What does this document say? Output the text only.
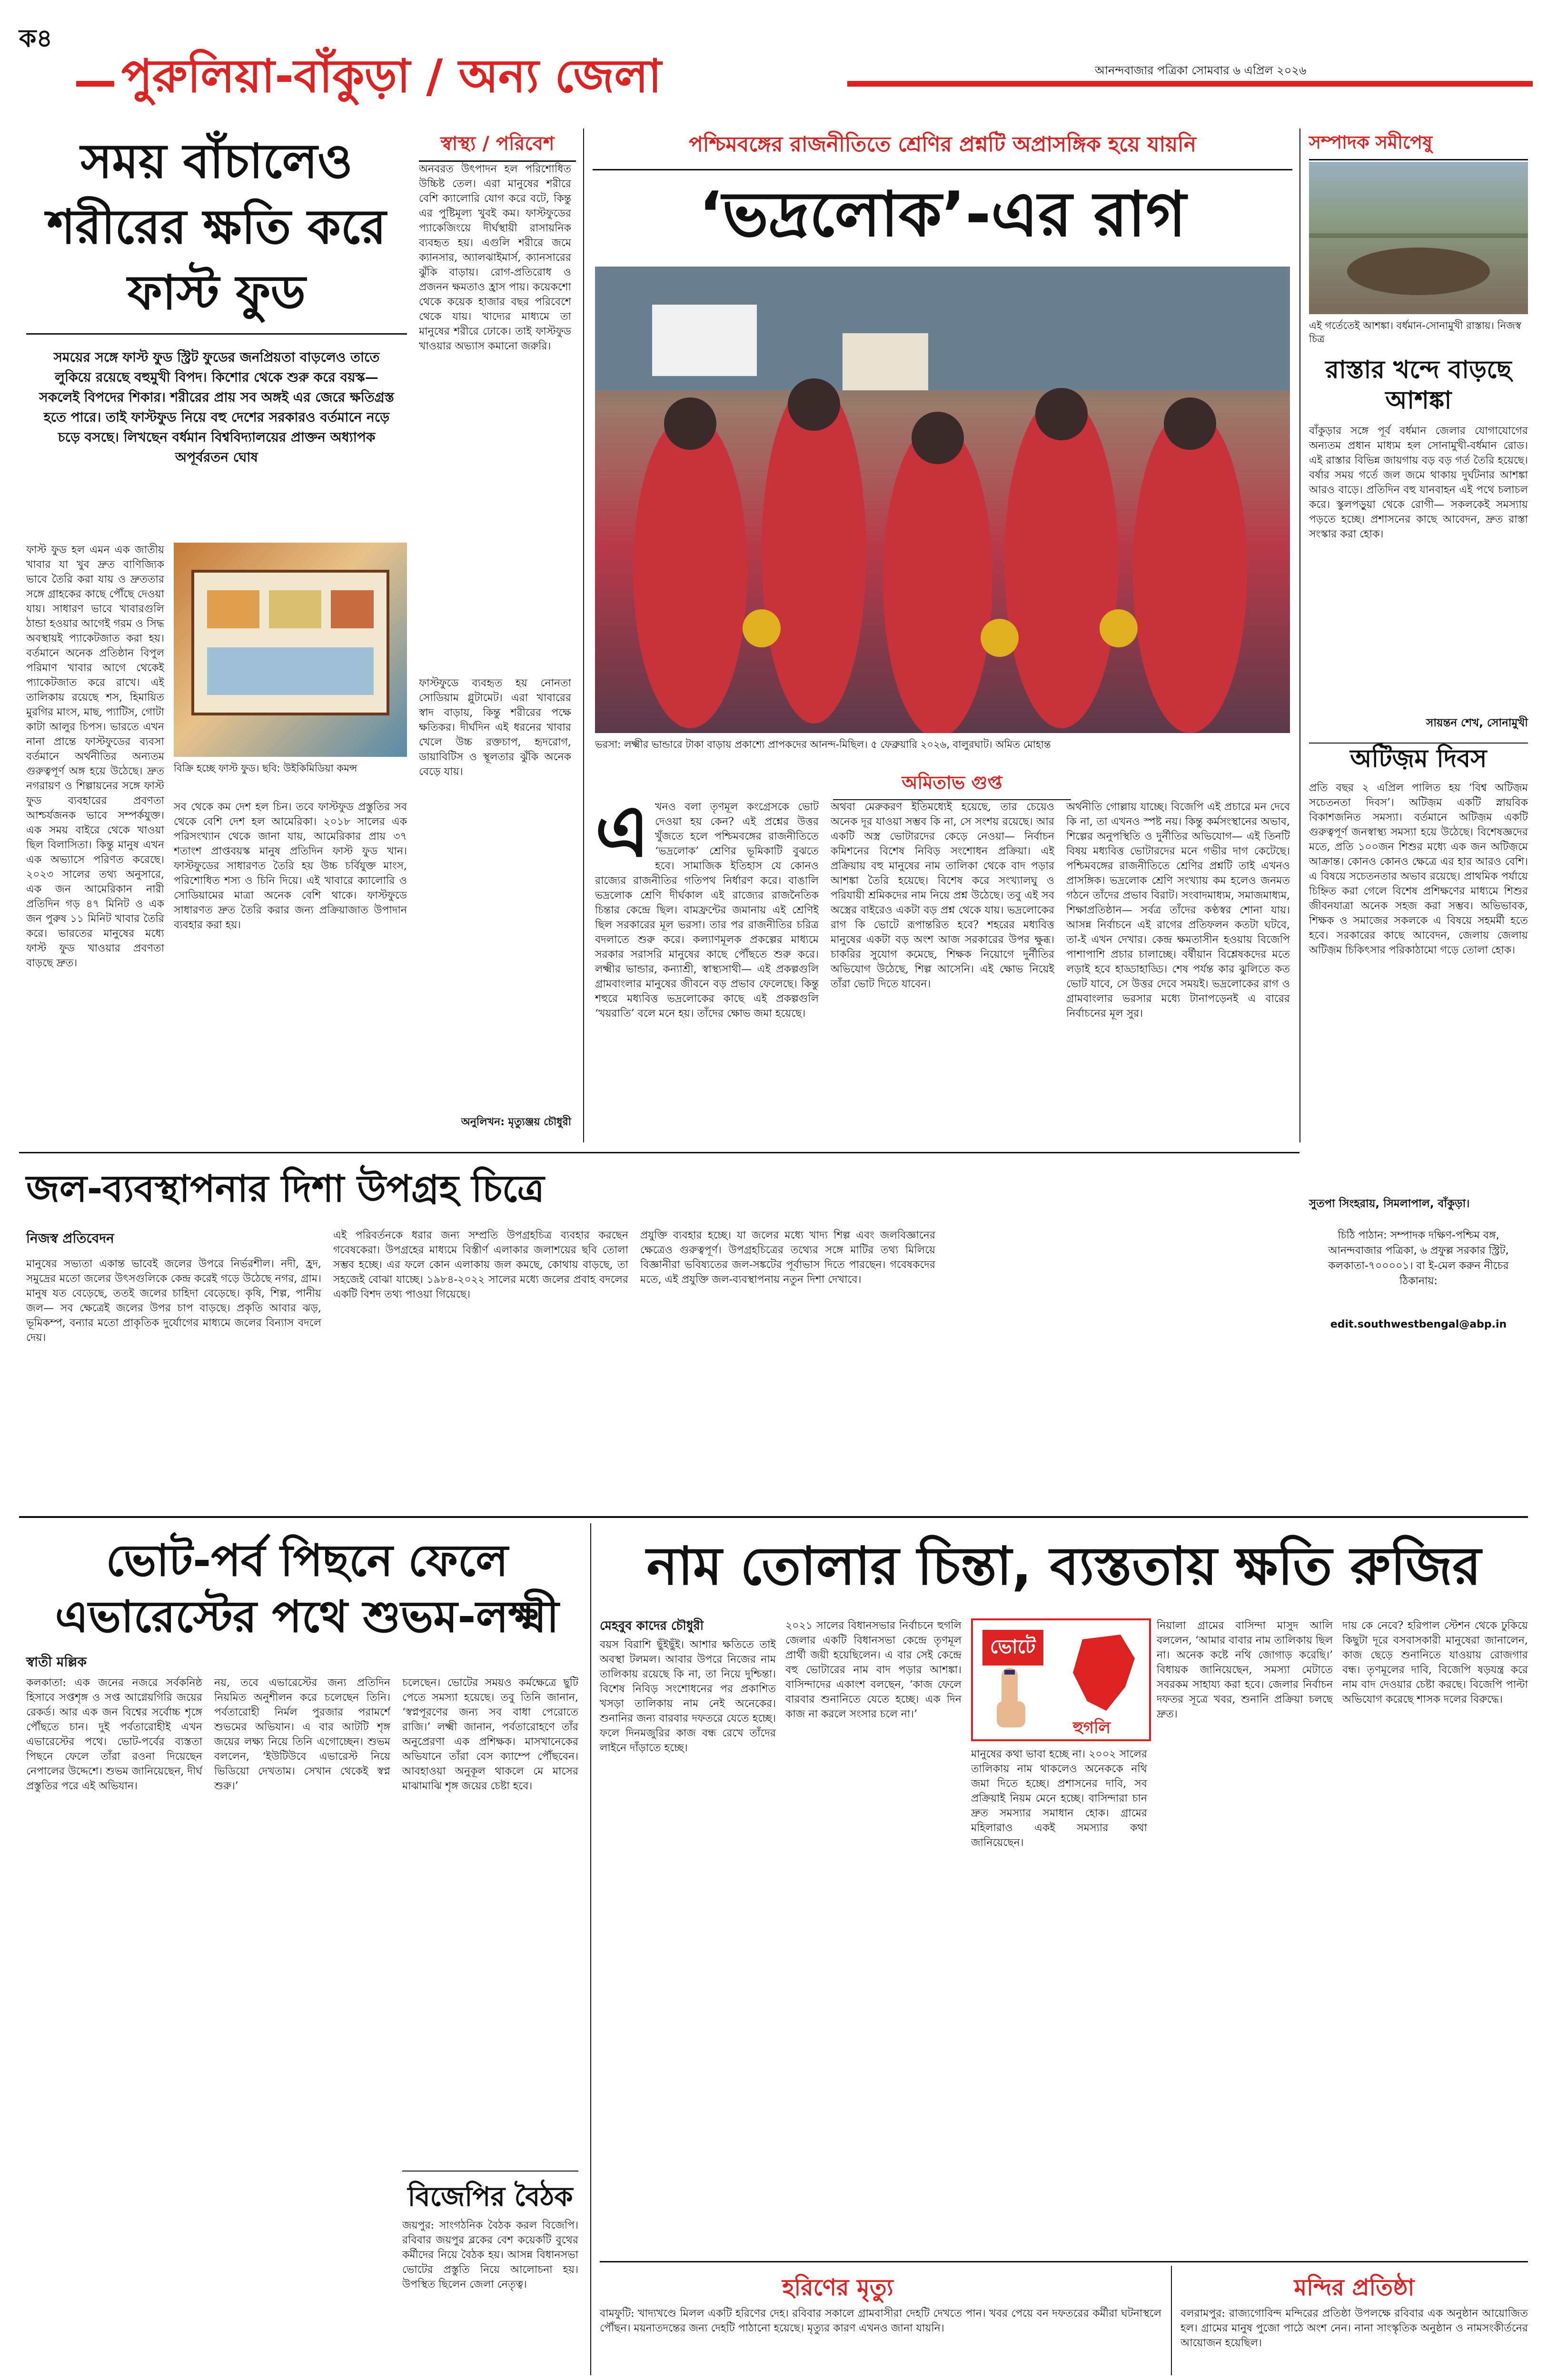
ক৪
পুরুলিয়া-বাঁকুড়া / অন্য জেলা	আনন্দবাজার পত্রিকা সোমবার ৬ এপ্রিল ২০২৬
সময় বাঁচালেও শরীরের ক্ষতি করে ফাস্ট ফুড
সময়ের সঙ্গে ফাস্ট ফুড স্ট্রিট ফুডের জনপ্রিয়তা বাড়লেও তাতে লুকিয়ে রয়েছে বহুমুখী বিপদ। কিশোর থেকে শুরু করে বয়স্ক— সকলেই বিপদের শিকার। শরীরের প্রায় সব অঙ্গই এর জেরে ক্ষতিগ্রস্ত হতে পারে। তাই ফাস্টফুড নিয়ে বহু দেশের সরকারও বর্তমানে নড়ে চড়ে বসছে। লিখছেন বর্ধমান বিশ্ববিদ্যালয়ের প্রাক্তন অধ্যাপক অপূর্বরতন ঘোষ
ফাস্ট ফুড হল এমন এক জাতীয় খাবার যা খুব দ্রুত বাণিজ্যিক ভাবে তৈরি করা যায় ও দ্রুততার সঙ্গে গ্রাহকের কাছে পৌঁছে দেওয়া যায়। সাধারণ ভাবে খাবারগুলি ঠান্ডা হওয়ার আগেই গরম ও সিদ্ধ অবস্থায়ই প্যাকেটজাত করা হয়। বর্তমানে অনেক প্রতিষ্ঠান বিপুল পরিমাণ খাবার আগে থেকেই প্যাকেটজাত করে রাখে। এই তালিকায় রয়েছে শস, হিমায়িত মুরগির মাংস, মাছ, প্যাটিস, গোটা কাটা আলুর চিপস। ভারতে এখন নানা প্রান্তে ফাস্টফুডের ব্যবসা বর্তমানে অর্থনীতির অন্যতম গুরুত্বপূর্ণ অঙ্গ হয়ে উঠেছে। দ্রুত নগরায়ণ ও শিল্পায়নের সঙ্গে ফাস্ট ফুড ব্যবহারের প্রবণতা আশ্চর্যজনক ভাবে সম্পর্কযুক্ত। এক সময় বাইরে থেকে খাওয়া ছিল বিলাসিতা। কিন্তু মানুষ এখন এক অভ্যাসে পরিণত করেছে। ২০২৩ সালের তথ্য অনুসারে, এক জন আমেরিকান নারী প্রতিদিন গড় ৪৭ মিনিট ও এক জন পুরুষ ১১ মিনিট খাবার তৈরি করে। ভারতের মানুষের মধ্যে ফাস্ট ফুড খাওয়ার প্রবণতা বাড়ছে দ্রুত।
বিক্রি হচ্ছে ফাস্ট ফুড। ছবি: উইকিমিডিয়া কমন্স
সব থেকে কম দেশ হল চিন। তবে ফাস্টফুড প্রস্তুতির সব থেকে বেশি দেশ হল আমেরিকা। ২০১৮ সালের এক পরিসংখ্যান থেকে জানা যায়, আমেরিকার প্রায় ৩৭ শতাংশ প্রাপ্তবয়স্ক মানুষ প্রতিদিন ফাস্ট ফুড খান। ফাস্টফুডের সাধারণত তৈরি হয় উচ্চ চর্বিযুক্ত মাংস, পরিশোধিত শস্য ও চিনি দিয়ে। এই খাবারে ক্যালোরি ও সোডিয়ামের মাত্রা অনেক বেশি থাকে। ফাস্টফুডে সাধারণত দ্রুত তৈরি করার জন্য প্রক্রিয়াজাত উপাদান ব্যবহার করা হয়।
স্বাস্থ্য / পরিবেশ
অনবরত উৎপাদন হল পরিশোধিত উচ্চিষ্ট তেল। এরা মানুষের শরীরে বেশি ক্যালোরি যোগ করে বটে, কিন্তু এর পুষ্টিমূল্য খুবই কম। ফাস্টফুডের প্যাকেজিংয়ে দীর্ঘস্থায়ী রাসায়নিক ব্যবহৃত হয়। এগুলি শরীরে জমে ক্যানসার, অ্যালঝাইমার্স, ক্যানসারের ঝুঁকি বাড়ায়। রোগ-প্রতিরোধ ও প্রজনন ক্ষমতাও হ্রাস পায়। কয়েকশো থেকে কয়েক হাজার বছর পরিবেশে থেকে যায়। খাদ্যের মাধ্যমে তা মানুষের শরীরে ঢোকে। তাই ফাস্টফুড খাওয়ার অভ্যাস কমানো জরুরি।
ফাস্টফুডে ব্যবহৃত হয় নোনতা সোডিয়াম গ্লুটামেট। এরা খাবারের স্বাদ বাড়ায়, কিন্তু শরীরের পক্ষে ক্ষতিকর। দীর্ঘদিন এই ধরনের খাবার খেলে উচ্চ রক্তচাপ, হৃদরোগ, ডায়াবিটিস ও স্থূলতার ঝুঁকি অনেক বেড়ে যায়।
অনুলিখন: মৃত্যুঞ্জয় চৌধুরী
পশ্চিমবঙ্গের রাজনীতিতে শ্রেণির প্রশ্নটি অপ্রাসঙ্গিক হয়ে যায়নি
‘ভদ্রলোক’-এর রাগ
ভরসা: লক্ষ্মীর ভান্ডারে টাকা বাড়ায় প্রকাশ্যে প্রাপকদের আনন্দ-মিছিল। ৫ ফেব্রুয়ারি ২০২৬, বালুরঘাট। অমিত মোহান্ত
অমিতাভ গুপ্ত
এ খনও বলা তৃণমূল কংগ্রেসকে ভোট দেওয়া হয় কেন? এই প্রশ্নের উত্তর খুঁজতে হলে পশ্চিমবঙ্গের রাজনীতিতে ‘ভদ্রলোক’ শ্রেণির ভূমিকাটি বুঝতে হবে। সামাজিক ইতিহাস যে কোনও রাজ্যের রাজনীতির গতিপথ নির্ধারণ করে। বাঙালি ভদ্রলোক শ্রেণি দীর্ঘকাল এই রাজ্যের রাজনৈতিক চিন্তার কেন্দ্রে ছিল। বামফ্রন্টের জমানায় এই শ্রেণিই ছিল সরকারের মূল ভরসা। তার পর রাজনীতির চরিত্র বদলাতে শুরু করে। কল্যাণমূলক প্রকল্পের মাধ্যমে সরকার সরাসরি মানুষের কাছে পৌঁছতে শুরু করে। লক্ষ্মীর ভান্ডার, কন্যাশ্রী, স্বাস্থ্যসাথী— এই প্রকল্পগুলি গ্রামবাংলার মানুষের জীবনে বড় প্রভাব ফেলেছে। কিন্তু শহুরে মধ্যবিত্ত ভদ্রলোকের কাছে এই প্রকল্পগুলি ‘খয়রাতি’ বলে মনে হয়। তাঁদের ক্ষোভ জমা হয়েছে।
অথবা মেরুকরণ ইতিমধ্যেই হয়েছে, তার চেয়েও অনেক দূর যাওয়া সম্ভব কি না, সে সংশয় রয়েছে। আর একটি অস্ত্র ভোটারদের কেড়ে নেওয়া— নির্বাচন কমিশনের বিশেষ নিবিড় সংশোধন প্রক্রিয়া। এই প্রক্রিয়ায় বহু মানুষের নাম তালিকা থেকে বাদ পড়ার আশঙ্কা তৈরি হয়েছে। বিশেষ করে সংখ্যালঘু ও পরিযায়ী শ্রমিকদের নাম নিয়ে প্রশ্ন উঠেছে। তবু এই সব অস্ত্রের বাইরেও একটা বড় প্রশ্ন থেকে যায়। ভদ্রলোকের রাগ কি ভোটে রূপান্তরিত হবে? শহরের মধ্যবিত্ত মানুষের একটা বড় অংশ আজ সরকারের উপর ক্ষুব্ধ। চাকরির সুযোগ কমেছে, শিক্ষক নিয়োগে দুর্নীতির অভিযোগ উঠেছে, শিল্প আসেনি। এই ক্ষোভ নিয়েই তাঁরা ভোট দিতে যাবেন।
অর্থনীতি গোল্লায় যাচ্ছে। বিজেপি এই প্রচারে মন দেবে কি না, তা এখনও স্পষ্ট নয়। কিন্তু কর্মসংস্থানের অভাব, শিল্পের অনুপস্থিতি ও দুর্নীতির অভিযোগ— এই তিনটি বিষয় মধ্যবিত্ত ভোটারদের মনে গভীর দাগ কেটেছে। পশ্চিমবঙ্গের রাজনীতিতে শ্রেণির প্রশ্নটি তাই এখনও প্রাসঙ্গিক। ভদ্রলোক শ্রেণি সংখ্যায় কম হলেও জনমত গঠনে তাঁদের প্রভাব বিরাট। সংবাদমাধ্যম, সমাজমাধ্যম, শিক্ষাপ্রতিষ্ঠান— সর্বত্র তাঁদের কণ্ঠস্বর শোনা যায়। আসন্ন নির্বাচনে এই রাগের প্রতিফলন কতটা ঘটবে, তা-ই এখন দেখার। কেন্দ্র ক্ষমতাসীন হওয়ায় বিজেপি পাশাপাশি প্রচার চালাচ্ছে। বর্ষীয়ান বিশ্লেষকদের মতে লড়াই হবে হাড্ডাহাড্ডি। শেষ পর্যন্ত কার ঝুলিতে কত ভোট যাবে, সে উত্তর দেবে সময়ই। ভদ্রলোকের রাগ ও গ্রামবাংলার ভরসার মধ্যে টানাপড়েনই এ বারের নির্বাচনের মূল সুর।
সম্পাদক সমীপেষু
এই গর্তেতেই আশঙ্কা। বর্ধমান-সোনামুখী রাস্তায়। নিজস্ব চিত্র
রাস্তার খন্দে বাড়ছে আশঙ্কা
বাঁকুড়ার সঙ্গে পূর্ব বর্ধমান জেলার যোগাযোগের অন্যতম প্রধান মাধ্যম হল সোনামুখী-বর্ধমান রোড। এই রাস্তার বিভিন্ন জায়গায় বড় বড় গর্ত তৈরি হয়েছে। বর্ষার সময় গর্তে জল জমে থাকায় দুর্ঘটনার আশঙ্কা আরও বাড়ে। প্রতিদিন বহু যানবাহন এই পথে চলাচল করে। স্কুলপড়ুয়া থেকে রোগী— সকলকেই সমস্যায় পড়তে হচ্ছে। প্রশাসনের কাছে আবেদন, দ্রুত রাস্তা সংস্কার করা হোক।
সায়ন্তন শেখ, সোনামুখী
অটিজ়ম দিবস
প্রতি বছর ২ এপ্রিল পালিত হয় ‘বিশ্ব অটিজ়ম সচেতনতা দিবস’। অটিজ়ম একটি স্নায়বিক বিকাশজনিত সমস্যা। বর্তমানে অটিজ়ম একটি গুরুত্বপূর্ণ জনস্বাস্থ্য সমস্যা হয়ে উঠেছে। বিশেষজ্ঞদের মতে, প্রতি ১০০জন শিশুর মধ্যে এক জন অটিজ়মে আক্রান্ত। কোনও কোনও ক্ষেত্রে এর হার আরও বেশি। এ বিষয়ে সচেতনতার অভাব রয়েছে। প্রাথমিক পর্যায়ে চিহ্নিত করা গেলে বিশেষ প্রশিক্ষণের মাধ্যমে শিশুর জীবনযাত্রা অনেক সহজ করা সম্ভব। অভিভাবক, শিক্ষক ও সমাজের সকলকে এ বিষয়ে সহমর্মী হতে হবে। সরকারের কাছে আবেদন, জেলায় জেলায় অটিজ়ম চিকিৎসার পরিকাঠামো গড়ে তোলা হোক।
সুতপা সিংহরায়, সিমলাপাল, বাঁকুড়া।
চিঠি পাঠান: সম্পাদক দক্ষিণ-পশ্চিম বঙ্গ, আনন্দবাজার পত্রিকা, ৬ প্রফুল্ল সরকার স্ট্রিট, কলকাতা-৭০০০০১। বা ই-মেল করুন নীচের ঠিকানায়:
edit.southwestbengal@abp.in
জল-ব্যবস্থাপনার দিশা উপগ্রহ চিত্রে
নিজস্ব প্রতিবেদন
মানুষের সভ্যতা একান্ত ভাবেই জলের উপরে নির্ভরশীল। নদী, হ্রদ, সমুদ্রের মতো জলের উৎসগুলিকে কেন্দ্র করেই গড়ে উঠেছে নগর, গ্রাম। মানুষ যত বেড়েছে, ততই জলের চাহিদা বেড়েছে। কৃষি, শিল্প, পানীয় জল— সব ক্ষেত্রেই জলের উপর চাপ বাড়ছে। প্রকৃতি আবার ঝড়, ভূমিকম্প, বন্যার মতো প্রাকৃতিক দুর্যোগের মাধ্যমে জলের বিন্যাস বদলে দেয়।
এই পরিবর্তনকে ধরার জন্য সম্প্রতি উপগ্রহচিত্র ব্যবহার করছেন গবেষকেরা। উপগ্রহের মাধ্যমে বিস্তীর্ণ এলাকার জলাশয়ের ছবি তোলা সম্ভব হচ্ছে। এর ফলে কোন এলাকায় জল কমছে, কোথায় বাড়ছে, তা সহজেই বোঝা যাচ্ছে। ১৯৮৪-২০২২ সালের মধ্যে জলের প্রবাহ বদলের একটি বিশদ তথ্য পাওয়া গিয়েছে।
প্রযুক্তি ব্যবহার হচ্ছে। যা জলের মধ্যে খাদ্য শিল্প এবং জলবিজ্ঞানের ক্ষেত্রেও গুরুত্বপূর্ণ। উপগ্রহচিত্রের তথ্যের সঙ্গে মাটির তথ্য মিলিয়ে বিজ্ঞানীরা ভবিষ্যতের জল-সঙ্কটের পূর্বাভাস দিতে পারছেন। গবেষকদের মতে, এই প্রযুক্তি জল-ব্যবস্থাপনায় নতুন দিশা দেখাবে।
ভোট-পর্ব পিছনে ফেলে এভারেস্টের পথে শুভম-লক্ষ্মী
স্বাতী মল্লিক
কলকাতা: এক জনের নজরে সর্বকনিষ্ঠ হিসাবে সপ্তশৃঙ্গ ও সপ্ত আগ্নেয়গিরি জয়ের রেকর্ড। আর এক জন বিশ্বের সর্বোচ্চ শৃঙ্গে পৌঁছতে চান। দুই পর্বতারোহীই এখন এভারেস্টের পথে। ভোট-পর্বের ব্যস্ততা পিছনে ফেলে তাঁরা রওনা দিয়েছেন নেপালের উদ্দেশে। শুভম জানিয়েছেন, দীর্ঘ প্রস্তুতির পরে এই অভিযান।
নয়, তবে এভারেস্টের জন্য প্রতিদিন নিয়মিত অনুশীলন করে চলেছেন তিনি। পর্বতারোহী নির্মল পুরজার পরামর্শে শুভমের অভিযান। এ বার আটটি শৃঙ্গ জয়ের লক্ষ্য নিয়ে তিনি এগোচ্ছেন। শুভম বললেন, ‘ইউটিউবে এভারেস্ট নিয়ে ভিডিয়ো দেখতাম। সেখান থেকেই স্বপ্ন শুরু।’
চলেছেন। ভোটের সময়ও কর্মক্ষেত্রে ছুটি পেতে সমস্যা হয়েছে। তবু তিনি জানান, ‘স্বপ্নপূরণের জন্য সব বাধা পেরোতে রাজি।’ লক্ষ্মী জানান, পর্বতারোহণে তাঁর অনুপ্রেরণা এক প্রশিক্ষক। মাসখানেকের অভিযানে তাঁরা বেস ক্যাম্পে পৌঁছবেন। আবহাওয়া অনুকূল থাকলে মে মাসের মাঝামাঝি শৃঙ্গ জয়ের চেষ্টা হবে।
বিজেপির বৈঠক
জয়পুর: সাংগঠনিক বৈঠক করল বিজেপি। রবিবার জয়পুর ব্লকের বেশ কয়েকটি বুথের কর্মীদের নিয়ে বৈঠক হয়। আসন্ন বিধানসভা ভোটের প্রস্তুতি নিয়ে আলোচনা হয়। উপস্থিত ছিলেন জেলা নেতৃত্ব।
নাম তোলার চিন্তা, ব্যস্ততায় ক্ষতি রুজির
মেহবুব কাদের চৌধুরী
বয়স বিরাশি ছুঁইছুঁই। আশার ক্ষতিতে তাই অবস্থা টলমল। আবার উপরে নিজের নাম তালিকায় রয়েছে কি না, তা নিয়ে দুশ্চিন্তা। বিশেষ নিবিড় সংশোধনের পর প্রকাশিত খসড়া তালিকায় নাম নেই অনেকের। শুনানির জন্য বারবার দফতরে যেতে হচ্ছে। ফলে দিনমজুরির কাজ বন্ধ রেখে তাঁদের লাইনে দাঁড়াতে হচ্ছে।
২০২১ সালের বিধানসভার নির্বাচনে হুগলি জেলার একটি বিধানসভা কেন্দ্রে তৃণমূল প্রার্থী জয়ী হয়েছিলেন। এ বার সেই কেন্দ্রে বহু ভোটারের নাম বাদ পড়ার আশঙ্কা। বাসিন্দাদের একাংশ বলছেন, ‘কাজ ফেলে বারবার শুনানিতে যেতে হচ্ছে। এক দিন কাজ না করলে সংসার চলে না।’
ভোটে
হুগলি
মানুষের কথা ভাবা হচ্ছে না। ২০০২ সালের তালিকায় নাম থাকলেও অনেককে নথি জমা দিতে হচ্ছে। প্রশাসনের দাবি, সব প্রক্রিয়াই নিয়ম মেনে হচ্ছে। বাসিন্দারা চান দ্রুত সমস্যার সমাধান হোক। গ্রামের মহিলারাও একই সমস্যার কথা জানিয়েছেন।
নিয়ালা গ্রামের বাসিন্দা মাসুদ আলি বললেন, ‘আমার বাবার নাম তালিকায় ছিল না। অনেক কষ্টে নথি জোগাড় করেছি।’ বিধায়ক জানিয়েছেন, সমস্যা মেটাতে সবরকম সাহায্য করা হবে। জেলার নির্বাচন দফতর সূত্রে খবর, শুনানি প্রক্রিয়া চলছে দ্রুত।
দায় কে নেবে? হরিপাল স্টেশন থেকে ঢুকিয়ে কিছুটা দূরে বসবাসকারী মানুষেরা জানালেন, কাজ ছেড়ে শুনানিতে যাওয়ায় রোজগার বন্ধ। তৃণমূলের দাবি, বিজেপি ষড়যন্ত্র করে নাম বাদ দেওয়ার চেষ্টা করছে। বিজেপি পাল্টা অভিযোগ করেছে শাসক দলের বিরুদ্ধে।
হরিণের মৃত্যু
বামফুটি: খাদ্যখণ্ডে মিলল একটি হরিণের দেহ। রবিবার সকালে গ্রামবাসীরা দেহটি দেখতে পান। খবর পেয়ে বন দফতরের কর্মীরা ঘটনাস্থলে পৌঁছন। ময়নাতদন্তের জন্য দেহটি পাঠানো হয়েছে। মৃত্যুর কারণ এখনও জানা যায়নি।
মন্দির প্রতিষ্ঠা
বলরামপুর: রাজ্যগোবিন্দ মন্দিরের প্রতিষ্ঠা উপলক্ষে রবিবার এক অনুষ্ঠান আয়োজিত হল। গ্রামের মানুষ পুজো পাঠে অংশ নেন। নানা সাংস্কৃতিক অনুষ্ঠান ও নামসংকীর্তনের আয়োজন হয়েছিল।
